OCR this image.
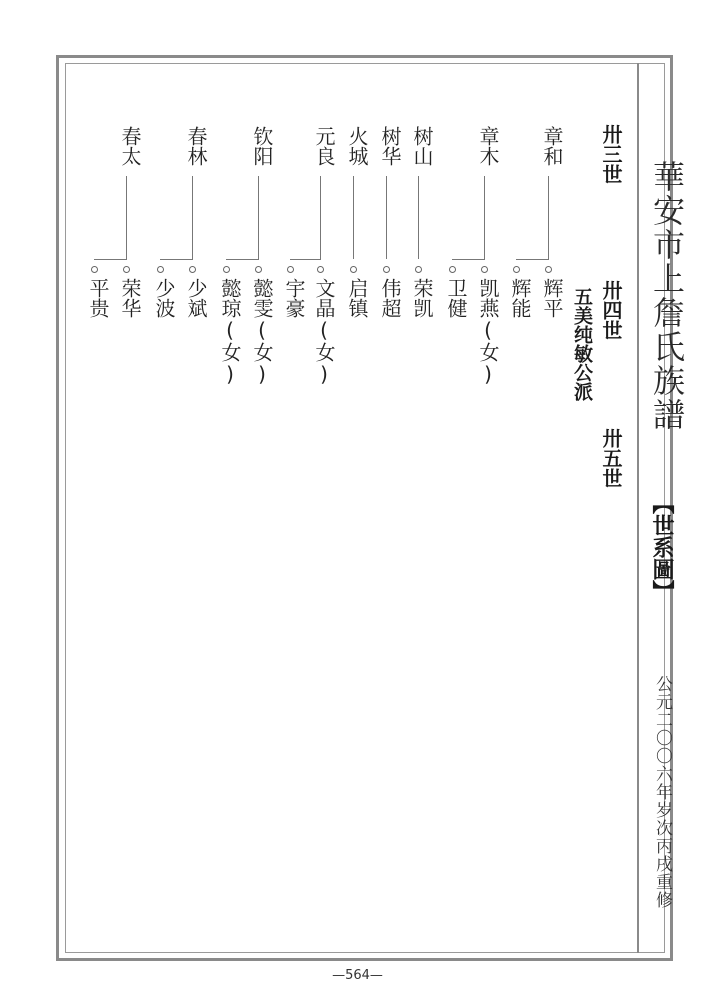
華安市上詹氏族譜
【世系圖】
公元二〇〇六年岁次丙戌重修
卅三世
卅四世
卅五世
五美纯敏公派
章和
辉平
辉能
章木
凯燕(女)
卫健
树山
荣凯
树华
伟超
火城
启镇
元良
文晶(女)
宇豪
钦阳
懿雯(女)
懿琼(女)
春林
少斌
少波
春太
荣华
平贵
—564—
